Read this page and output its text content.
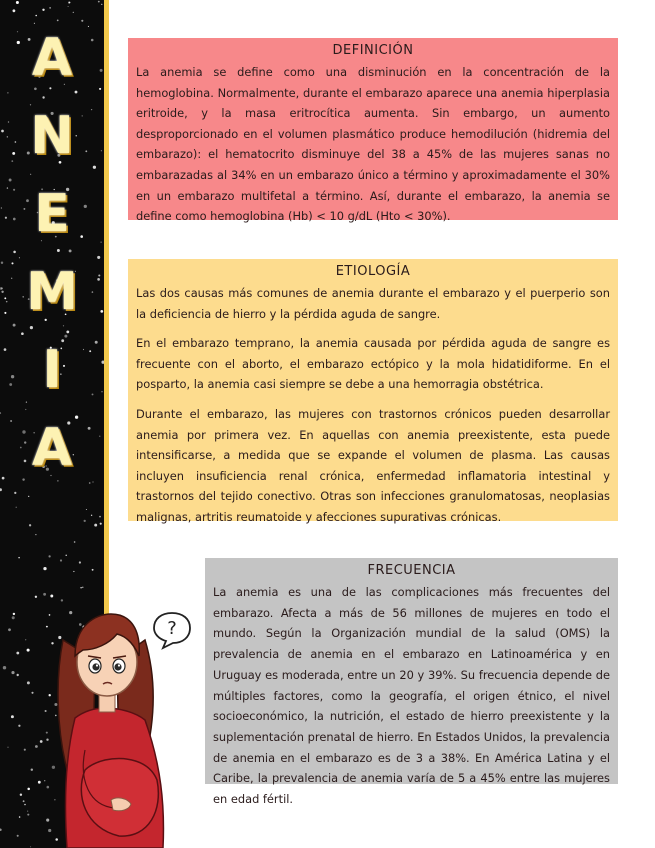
A
N
E
M
I
A
DEFINICIÓN

La anemia se define como una disminución en la concentración de la hemoglobina. Normalmente, durante el embarazo aparece una anemia hiperplasia eritroide, y la masa eritrocítica aumenta. Sin embargo, un aumento desproporcionado en el volumen plasmático produce hemodilución (hidremia del embarazo): el hematocrito disminuye del 38 a 45% de las mujeres sanas no embarazadas al 34% en un embarazo único a término y aproximadamente el 30% en un embarazo multifetal a término. Así, durante el embarazo, la anemia se define como hemoglobina (Hb) < 10 g/dL (Hto < 30%).

ETIOLOGÍA

Las dos causas más comunes de anemia durante el embarazo y el puerperio son la deficiencia de hierro y la pérdida aguda de sangre.

En el embarazo temprano, la anemia causada por pérdida aguda de sangre es frecuente con el aborto, el embarazo ectópico y la mola hidatidiforme. En el posparto, la anemia casi siempre se debe a una hemorragia obstétrica.

Durante el embarazo, las mujeres con trastornos crónicos pueden desarrollar anemia por primera vez. En aquellas con anemia preexistente, esta puede intensificarse, a medida que se expande el volumen de plasma. Las causas incluyen insuficiencia renal crónica, enfermedad inflamatoria intestinal y trastornos del tejido conectivo. Otras son infecciones granulomatosas, neoplasias malignas, artritis reumatoide y afecciones supurativas crónicas.

FRECUENCIA

La anemia es una de las complicaciones más frecuentes del embarazo. Afecta a más de 56 millones de mujeres en todo el mundo. Según la Organización mundial de la salud (OMS) la prevalencia de anemia en el embarazo en Latinoamérica y en Uruguay es moderada, entre un 20 y 39%. Su frecuencia depende de múltiples factores, como la geografía, el origen étnico, el nivel socioeconómico, la nutrición, el estado de hierro preexistente y la suplementación prenatal de hierro. En Estados Unidos, la prevalencia de anemia en el embarazo es de 3 a 38%. En América Latina y el Caribe, la prevalencia de anemia varía de 5 a 45% entre las mujeres en edad fértil.

?
